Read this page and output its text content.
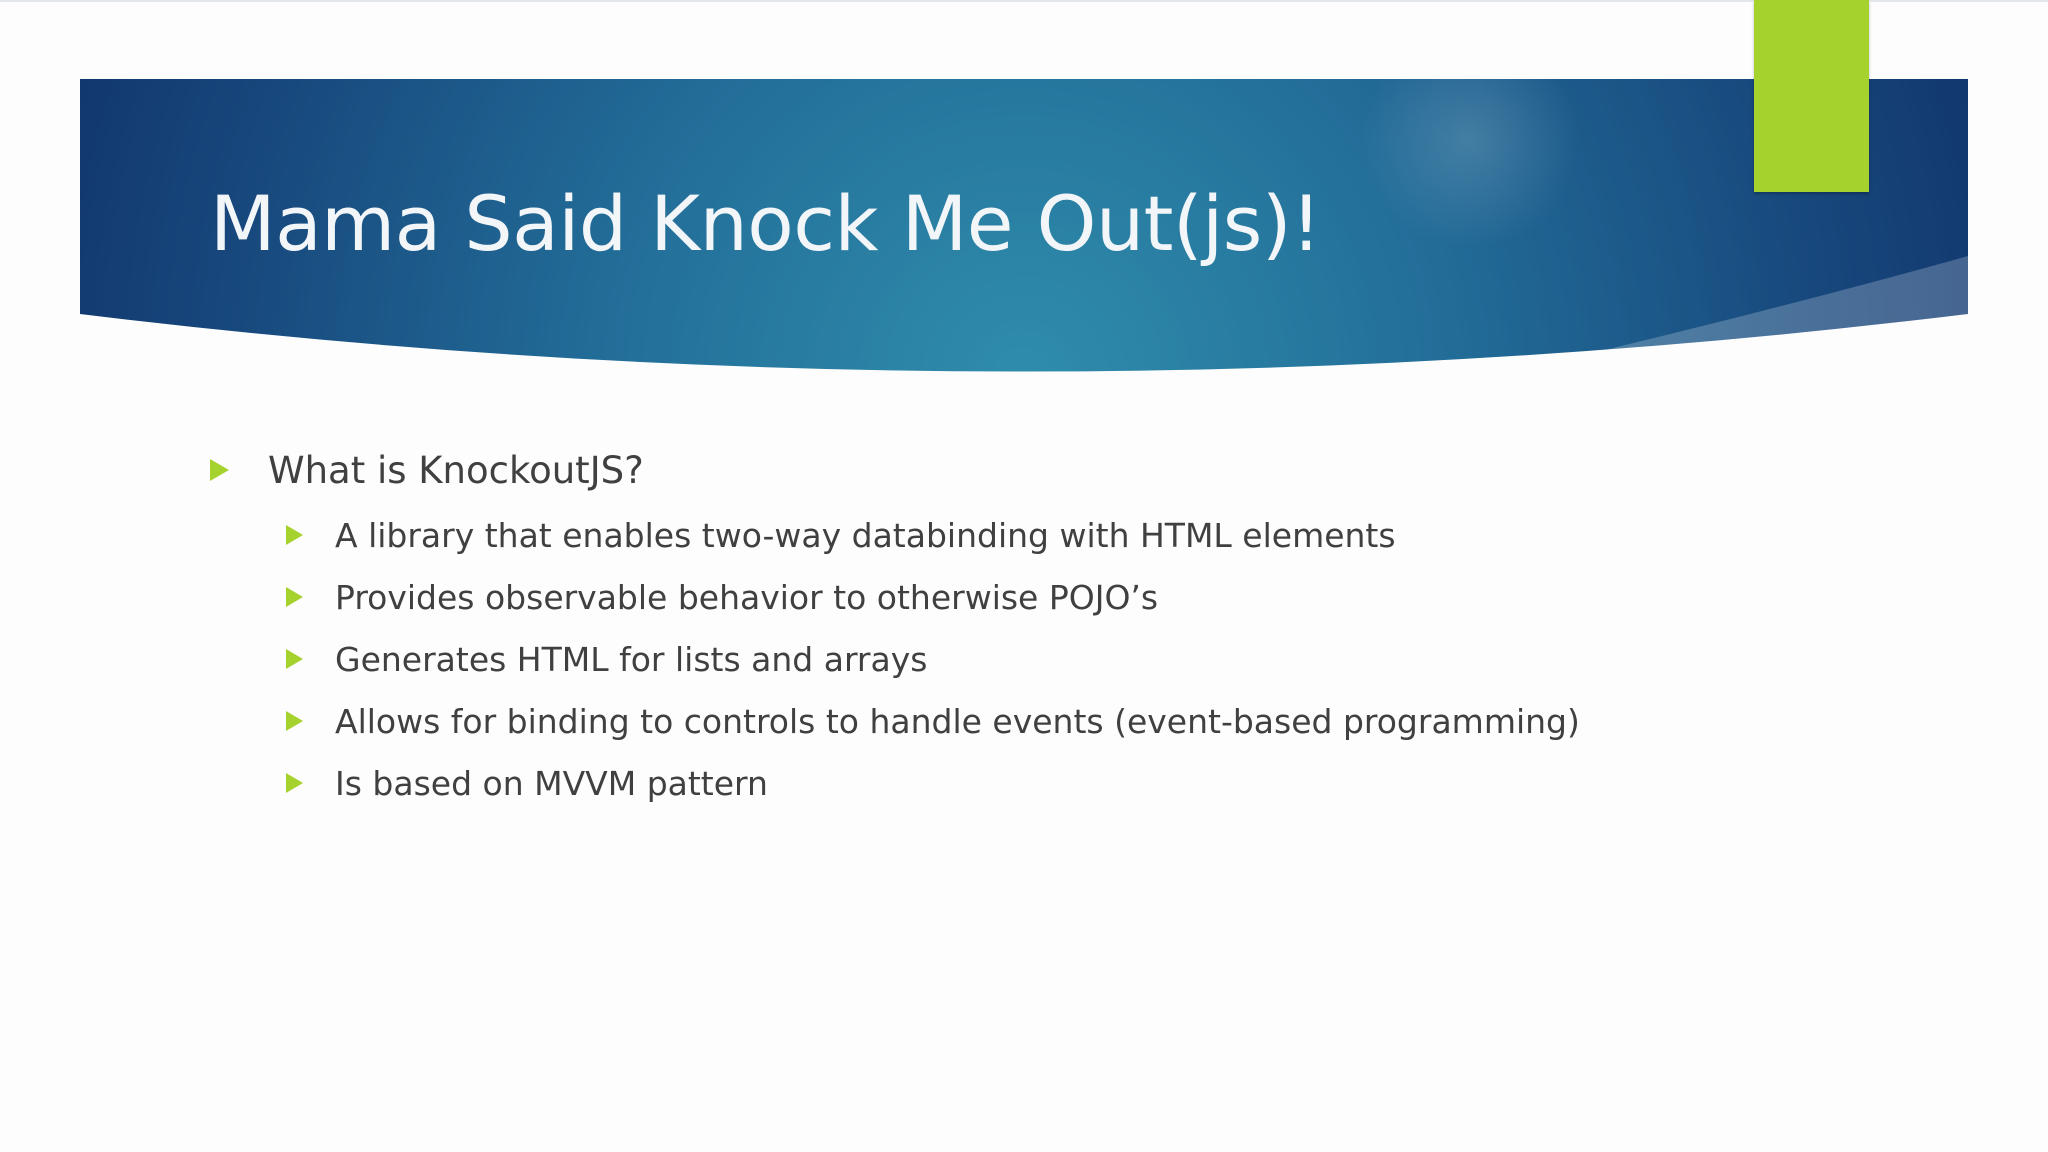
Mama Said Knock Me Out(js)!
What is KnockoutJS?
A library that enables two-way databinding with HTML elements
Provides observable behavior to otherwise POJO’s
Generates HTML for lists and arrays
Allows for binding to controls to handle events (event-based programming)
Is based on MVVM pattern
